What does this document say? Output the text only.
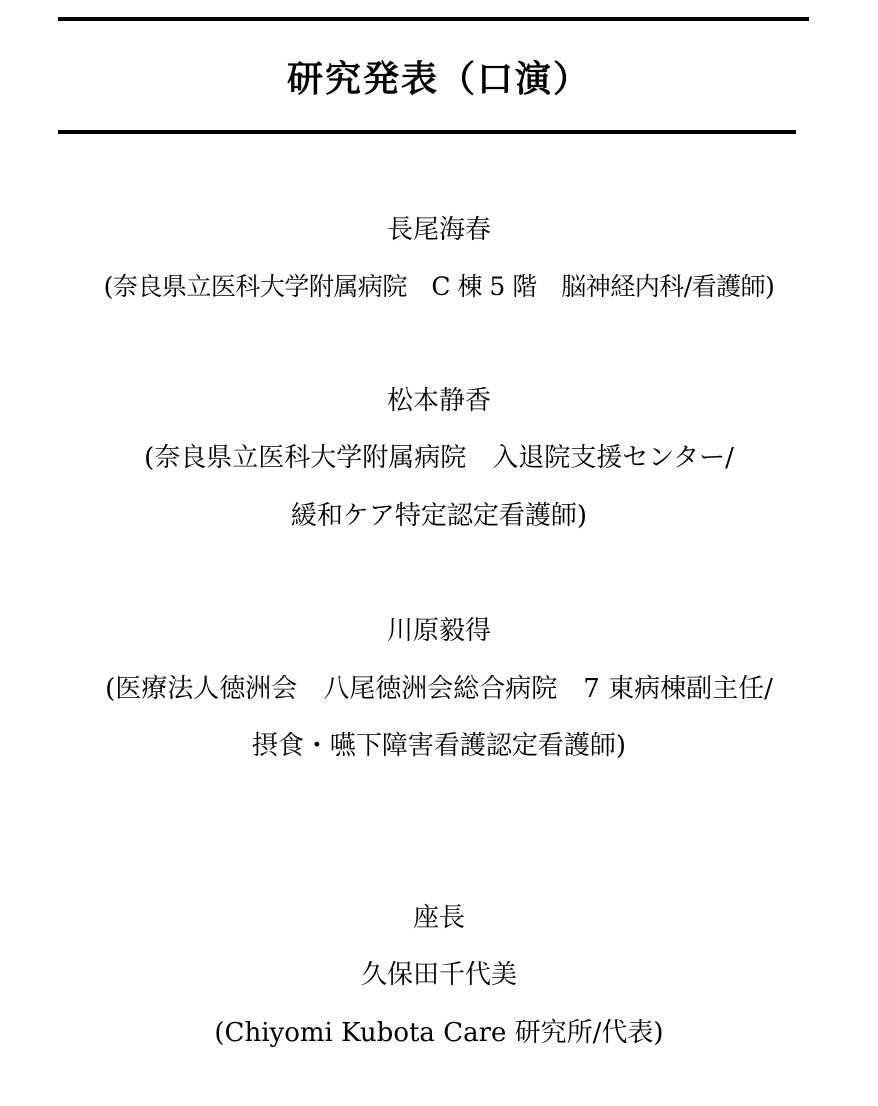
研究発表（口演）
長尾海春
(奈良県立医科大学附属病院　C 棟 5 階　脳神経内科/看護師)
松本静香
(奈良県立医科大学附属病院　入退院支援センター/
緩和ケア特定認定看護師)
川原毅得
(医療法人徳洲会　八尾徳洲会総合病院　7 東病棟副主任/
摂食・嚥下障害看護認定看護師)
座長
久保田千代美
(Chiyomi Kubota Care 研究所/代表)
